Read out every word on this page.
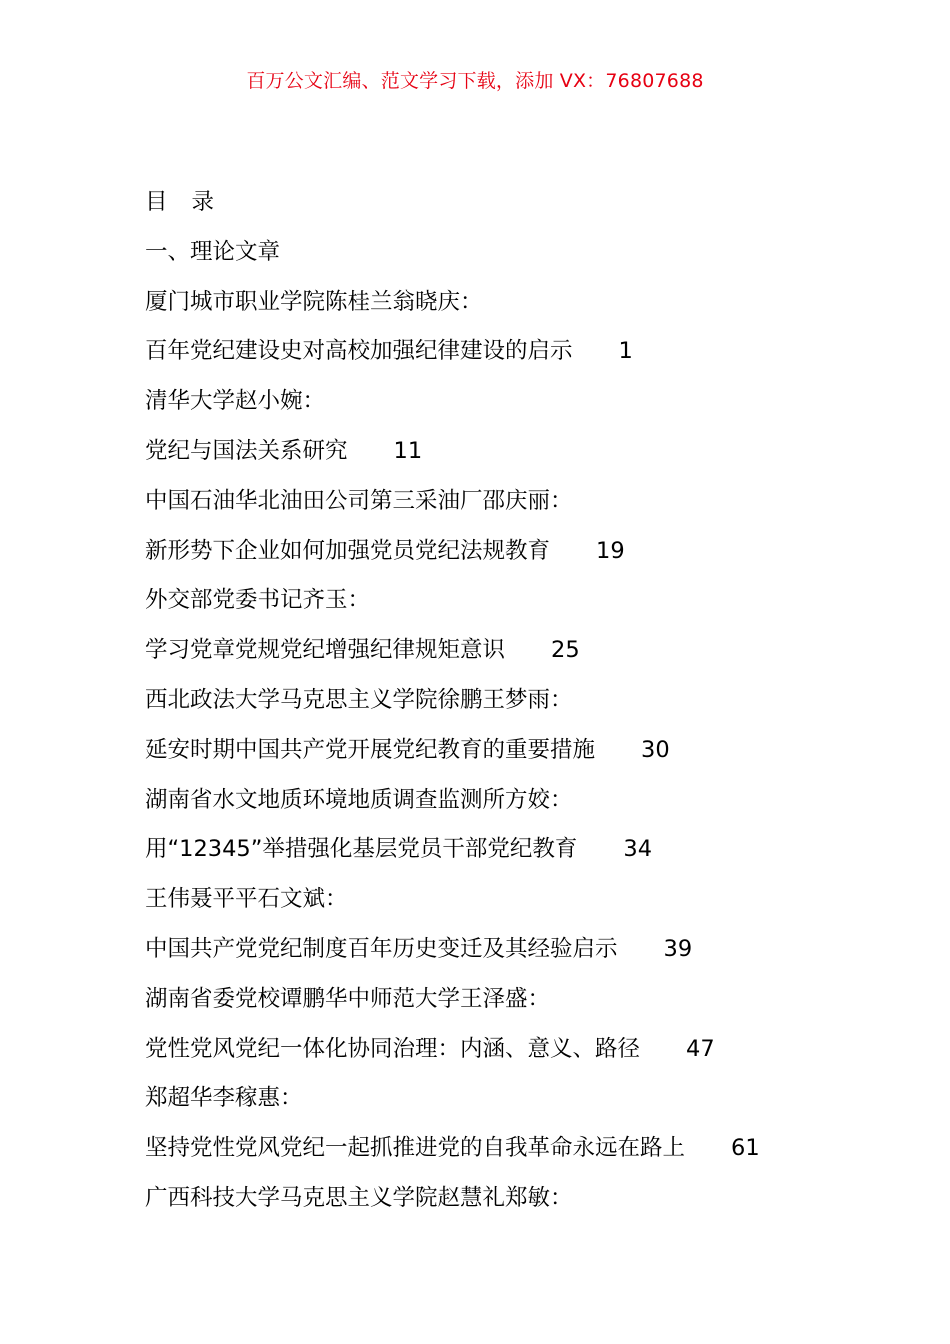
百万公文汇编、范文学习下载，添加 VX：76807688
目 录
一、理论文章
厦门城市职业学院陈桂兰翁晓庆：
百年党纪建设史对高校加强纪律建设的启示 1
清华大学赵小婉：
党纪与国法关系研究 11
中国石油华北油田公司第三采油厂邵庆丽：
新形势下企业如何加强党员党纪法规教育 19
外交部党委书记齐玉：
学习党章党规党纪增强纪律规矩意识 25
西北政法大学马克思主义学院徐鹏王梦雨：
延安时期中国共产党开展党纪教育的重要措施 30
湖南省水文地质环境地质调查监测所方姣：
用“12345”举措强化基层党员干部党纪教育 34
王伟聂平平石文斌：
中国共产党党纪制度百年历史变迁及其经验启示 39
湖南省委党校谭鹏华中师范大学王泽盛：
党性党风党纪一体化协同治理：内涵、意义、路径 47
郑超华李稼惠：
坚持党性党风党纪一起抓推进党的自我革命永远在路上 61
广西科技大学马克思主义学院赵慧礼郑敏：
